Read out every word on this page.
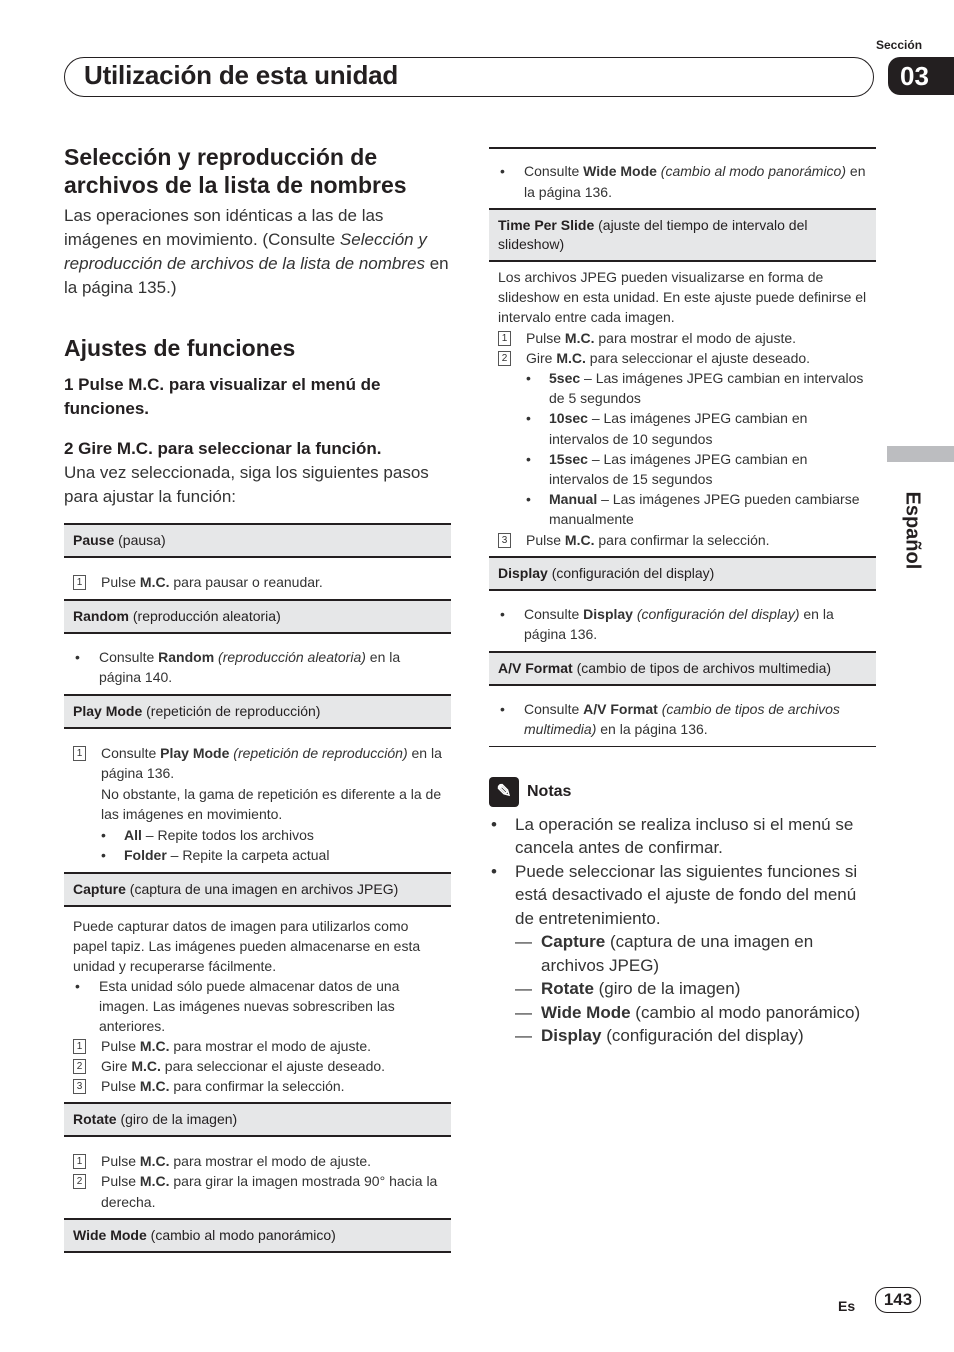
Sección
Utilización de esta unidad	03
Español
Selección y reproducción de archivos de la lista de nombres
Las operaciones son idénticas a las de las imágenes en movimiento. (Consulte Selección y reproducción de archivos de la lista de nombres en la página 135.)
Ajustes de funciones
1 Pulse M.C. para visualizar el menú de funciones.
2 Gire M.C. para seleccionar la función.
Una vez seleccionada, siga los siguientes pasos para ajustar la función:
Pause (pausa)
1 Pulse M.C. para pausar o reanudar.
Random (reproducción aleatoria)
•	Consulte Random (reproducción aleatoria) en la página 140.
Play Mode (repetición de reproducción)
1 Consulte Play Mode (repetición de reproducción) en la página 136.
No obstante, la gama de repetición es diferente a la de las imágenes en movimiento.
•	All – Repite todos los archivos
•	Folder – Repite la carpeta actual
Capture (captura de una imagen en archivos JPEG)
Puede capturar datos de imagen para utilizarlos como papel tapiz. Las imágenes pueden almacenarse en esta unidad y recuperarse fácilmente.
•	Esta unidad sólo puede almacenar datos de una imagen. Las imágenes nuevas sobrescriben las anteriores.
1 Pulse M.C. para mostrar el modo de ajuste.
2 Gire M.C. para seleccionar el ajuste deseado.
3 Pulse M.C. para confirmar la selección.
Rotate (giro de la imagen)
1 Pulse M.C. para mostrar el modo de ajuste.
2 Pulse M.C. para girar la imagen mostrada 90° hacia la derecha.
Wide Mode (cambio al modo panorámico)
•	Consulte Wide Mode (cambio al modo panorámico) en la página 136.
Time Per Slide (ajuste del tiempo de intervalo del slideshow)
Los archivos JPEG pueden visualizarse en forma de slideshow en esta unidad. En este ajuste puede definirse el intervalo entre cada imagen.
1 Pulse M.C. para mostrar el modo de ajuste.
2 Gire M.C. para seleccionar el ajuste deseado.
•	5sec – Las imágenes JPEG cambian en intervalos de 5 segundos
•	10sec – Las imágenes JPEG cambian en intervalos de 10 segundos
•	15sec – Las imágenes JPEG cambian en intervalos de 15 segundos
•	Manual – Las imágenes JPEG pueden cambiarse manualmente
3 Pulse M.C. para confirmar la selección.
Display (configuración del display)
•	Consulte Display (configuración del display) en la página 136.
A/V Format (cambio de tipos de archivos multimedia)
•	Consulte A/V Format (cambio de tipos de archivos multimedia) en la página 136.
✎ Notas
•	La operación se realiza incluso si el menú se cancela antes de confirmar.
•	Puede seleccionar las siguientes funciones si está desactivado el ajuste de fondo del menú de entretenimiento.
— Capture (captura de una imagen en archivos JPEG)
— Rotate (giro de la imagen)
— Wide Mode (cambio al modo panorámico)
— Display (configuración del display)
Es	143
